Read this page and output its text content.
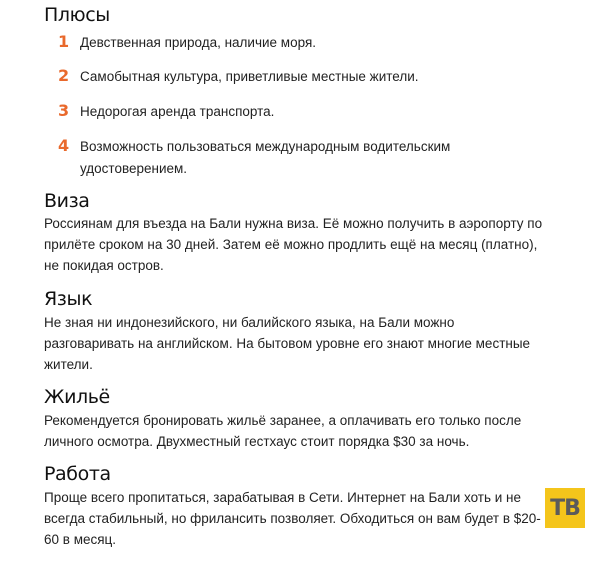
Плюсы
1 Девственная природа, наличие моря.
2 Самобытная культура, приветливые местные жители.
3 Недорогая аренда транспорта.
4 Возможность пользоваться международным водительским удостоверением.
Виза
Россиянам для въезда на Бали нужна виза. Её можно получить в аэропорту по прилёте сроком на 30 дней. Затем её можно продлить ещё на месяц (платно), не покидая остров.
Язык
Не зная ни индонезийского, ни балийского языка, на Бали можно разговаривать на английском. На бытовом уровне его знают многие местные жители.
Жильё
Рекомендуется бронировать жильё заранее, а оплачивать его только после личного осмотра. Двухместный гестхаус стоит порядка $30 за ночь.
Работа
Проще всего пропитаться, зарабатывая в Сети. Интернет на Бали хоть и не всегда стабильный, но фрилансить позволяет. Обходиться он вам будет в $20-60 в месяц.
ТВ
